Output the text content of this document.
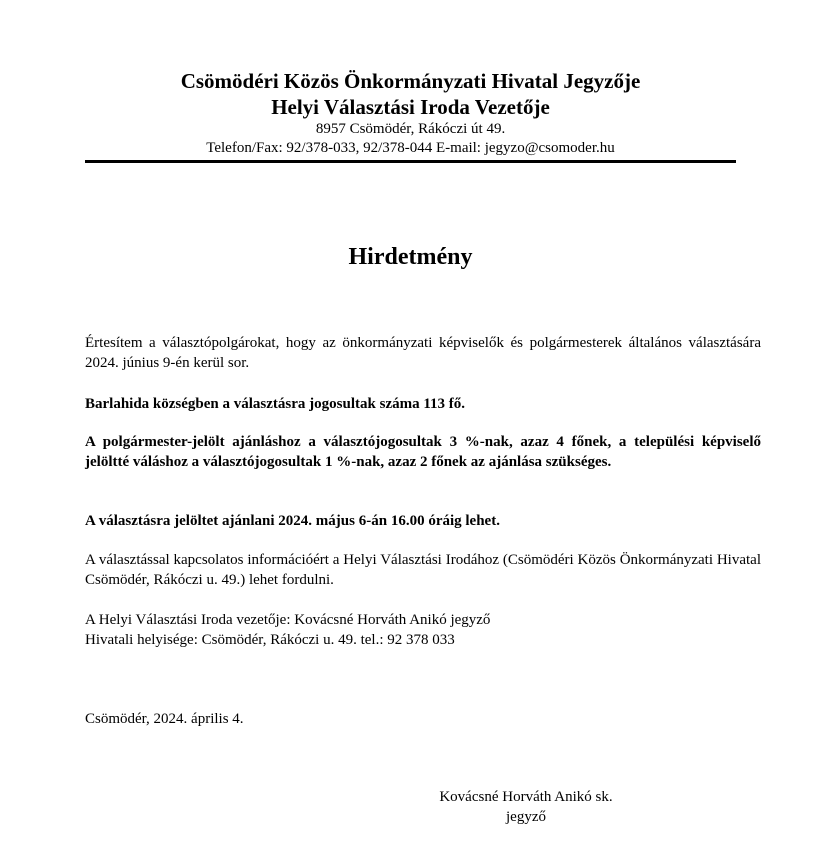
Csömödéri Közös Önkormányzati Hivatal Jegyzője
Helyi Választási Iroda Vezetője
8957 Csömödér, Rákóczi út 49.
Telefon/Fax: 92/378-033, 92/378-044 E-mail: jegyzo@csomoder.hu
Hirdetmény
Értesítem a választópolgárokat, hogy az önkormányzati képviselők és polgármesterek általános választására 2024. június 9-én kerül sor.
Barlahida községben a választásra jogosultak száma 113 fő.
A polgármester-jelölt ajánláshoz a választójogosultak 3 %-nak, azaz 4 főnek, a települési képviselő jelöltté váláshoz a választójogosultak 1 %-nak, azaz 2 főnek az ajánlása szükséges.
A választásra jelöltet ajánlani 2024. május 6-án 16.00 óráig lehet.
A választással kapcsolatos információért a Helyi Választási Irodához (Csömödéri Közös Önkormányzati Hivatal Csömödér, Rákóczi u. 49.) lehet fordulni.
A Helyi Választási Iroda vezetője: Kovácsné Horváth Anikó jegyző
Hivatali helyisége: Csömödér, Rákóczi u. 49. tel.: 92 378 033
Csömödér, 2024. április 4.
Kovácsné Horváth Anikó sk.
jegyző
